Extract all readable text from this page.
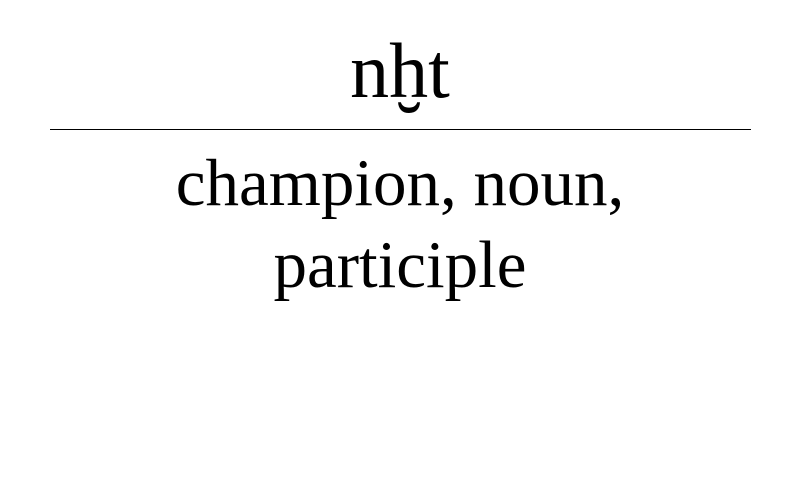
nḫt
champion, noun, participle
